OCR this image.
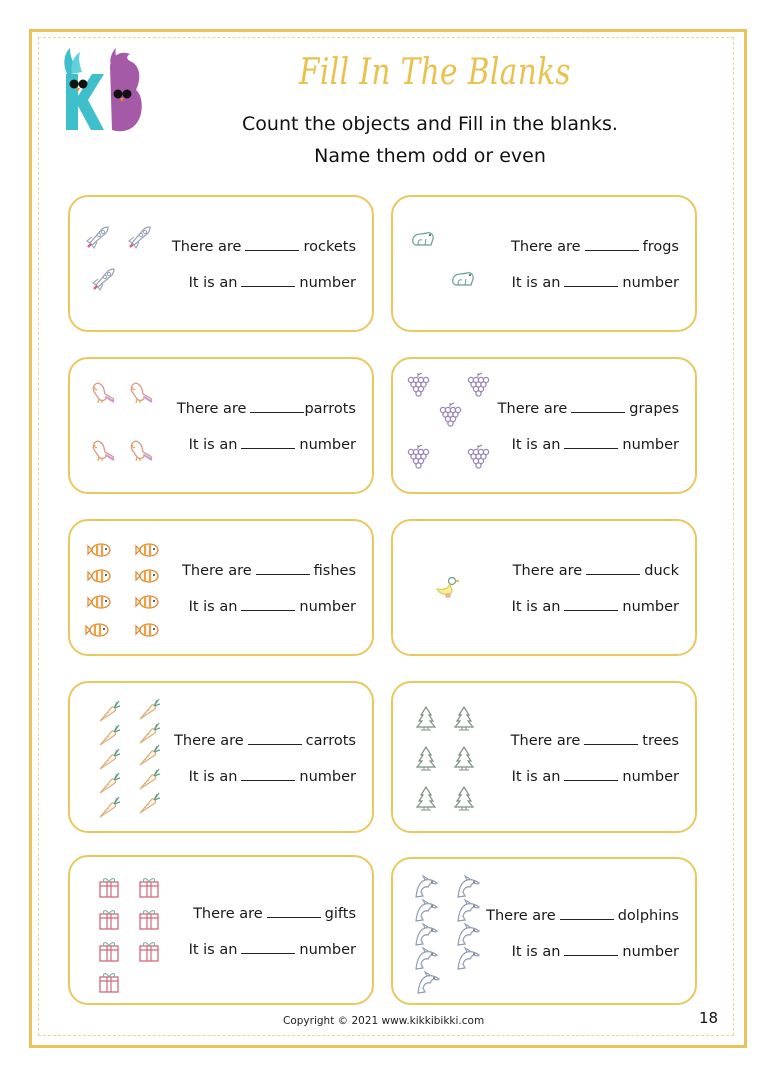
Fill In The Blanks
Count the objects and Fill in the blanks.
Name them odd or even
There are	rockets
It is an	number
There are	frogs
It is an	number
There are	parrots
It is an	number
There are	grapes
It is an	number
There are	fishes
It is an	number
There are	duck
It is an	number
There are	carrots
It is an	number
There are	trees
It is an	number
There are	gifts
It is an	number
There are	dolphins
It is an	number
Copyright © 2021 www.kikkibikki.com	18
